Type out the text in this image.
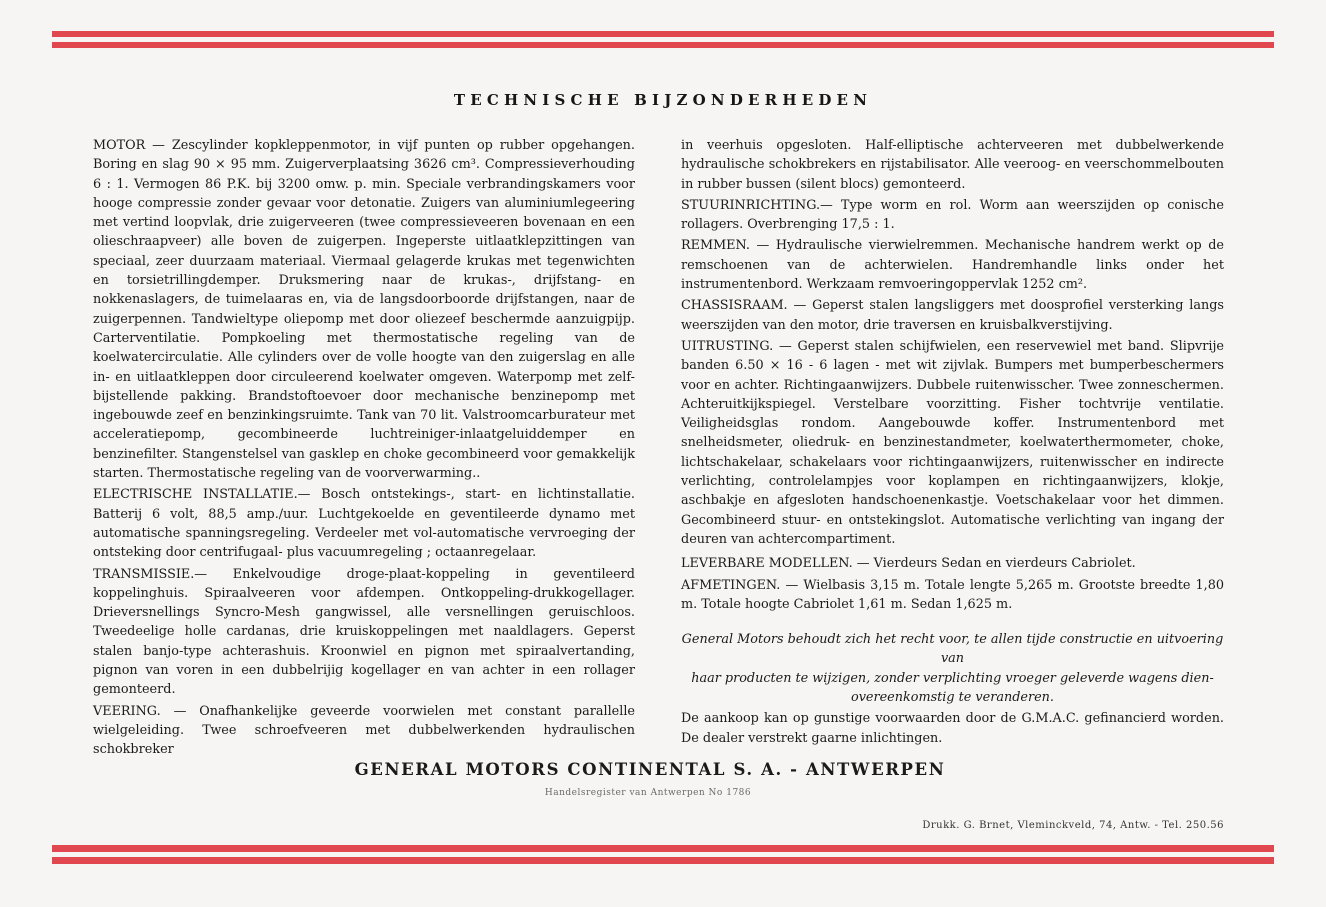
TECHNISCHE BIJZONDERHEDEN

MOTOR — Zescylinder kopkleppenmotor, in vijf punten op rubber opgehangen. Boring en slag 90 × 95 mm. Zuigerverplaatsing 3626 cm³. Compressieverhouding 6 : 1. Vermogen 86 P.K. bij 3200 omw. p. min. Speciale verbrandingskamers voor hooge compressie zonder gevaar voor detonatie. Zuigers van aluminiumlegeering met vertind loopvlak, drie zuigerveeren (twee compressieveeren bovenaan en een olieschraapveer) alle boven de zuigerpen. Ingeperste uitlaatklepzittingen van speciaal, zeer duurzaam materiaal. Viermaal gelagerde krukas met tegenwichten en torsietrillingdemper. Druksmering naar de krukas-, drijfstang- en nokkenaslagers, de tuimelaaras en, via de langsdoorboorde drijfstangen, naar de zuigerpennen. Tandwieltype oliepomp met door oliezeef beschermde aanzuigpijp. Carterventilatie. Pompkoeling met thermostatische regeling van de koelwatercirculatie. Alle cylinders over de volle hoogte van den zuigerslag en alle in- en uitlaatkleppen door circuleerend koelwater omgeven. Waterpomp met zelf-bijstellende pakking. Brandstoftoevoer door mechanische benzinepomp met ingebouwde zeef en benzinkingsruimte. Tank van 70 lit. Valstroomcarburateur met acceleratiepomp, gecombineerde luchtreiniger-inlaatgeluiddemper en benzinefilter. Stangenstelsel van gasklep en choke gecombineerd voor gemakkelijk starten. Thermostatische regeling van de voorverwarming..

ELECTRISCHE INSTALLATIE.— Bosch ontstekings-, start- en lichtinstallatie. Batterij 6 volt, 88,5 amp./uur. Luchtgekoelde en geventileerde dynamo met automatische spanningsregeling. Verdeeler met vol-automatische vervroeging der ontsteking door centrifugaal- plus vacuumregeling ; octaanregelaar.

TRANSMISSIE.— Enkelvoudige droge-plaat-koppeling in geventileerd koppelinghuis. Spiraalveeren voor afdempen. Ontkoppeling-drukkogellager. Drieversnellings Syncro-Mesh gangwissel, alle versnellingen geruischloos. Tweedeelige holle cardanas, drie kruiskoppelingen met naaldlagers. Geperst stalen banjo-type achterashuis. Kroonwiel en pignon met spiraalvertanding, pignon van voren in een dubbelrijig kogellager en van achter in een rollager gemonteerd.

VEERING. — Onafhankelijke geveerde voorwielen met constant parallelle wielgeleiding. Twee schroefveeren met dubbelwerkenden hydraulischen schokbreker

in veerhuis opgesloten. Half-elliptische achterveeren met dubbelwerkende hydraulische schokbrekers en rijstabilisator. Alle veeroog- en veerschommelbouten in rubber bussen (silent blocs) gemonteerd.

STUURINRICHTING.— Type worm en rol. Worm aan weerszijden op conische rollagers. Overbrenging 17,5 : 1.

REMMEN. — Hydraulische vierwielremmen. Mechanische handrem werkt op de remschoenen van de achterwielen. Handremhandle links onder het instrumentenbord. Werkzaam remvoeringoppervlak 1252 cm².

CHASSISRAAM. — Geperst stalen langsliggers met doosprofiel versterking langs weerszijden van den motor, drie traversen en kruisbalkverstijving.

UITRUSTING. — Geperst stalen schijfwielen, een reservewiel met band. Slipvrije banden 6.50 × 16 - 6 lagen - met wit zijvlak. Bumpers met bumperbeschermers voor en achter. Richtingaanwijzers. Dubbele ruitenwisscher. Twee zonneschermen. Achteruitkijkspiegel. Verstelbare voorzitting. Fisher tochtvrije ventilatie. Veiligheidsglas rondom. Aangebouwde koffer. Instrumentenbord met snelheidsmeter, oliedruk- en benzinestandmeter, koelwaterthermometer, choke, lichtschakelaar, schakelaars voor richtingaanwijzers, ruitenwisscher en indirecte verlichting, controlelampjes voor koplampen en richtingaanwijzers, klokje, aschbakje en afgesloten handschoenenkastje. Voetschakelaar voor het dimmen. Gecombineerd stuur- en ontstekingslot. Automatische verlichting van ingang der deuren van achtercompartiment.

LEVERBARE MODELLEN. — Vierdeurs Sedan en vierdeurs Cabriolet.

AFMETINGEN. — Wielbasis 3,15 m. Totale lengte 5,265 m. Grootste breedte 1,80 m. Totale hoogte Cabriolet 1,61 m. Sedan 1,625 m.

General Motors behoudt zich het recht voor, te allen tijde constructie en uitvoering van
haar producten te wijzigen, zonder verplichting vroeger geleverde wagens dien-
overeenkomstig te veranderen.

De aankoop kan op gunstige voorwaarden door de G.M.A.C. gefinancierd worden. De dealer verstrekt gaarne inlichtingen.

GENERAL MOTORS CONTINENTAL S. A. - ANTWERPEN
Handelsregister van Antwerpen No 1786
Drukk. G. Brnet, Vleminckveld, 74, Antw. - Tel. 250.56
